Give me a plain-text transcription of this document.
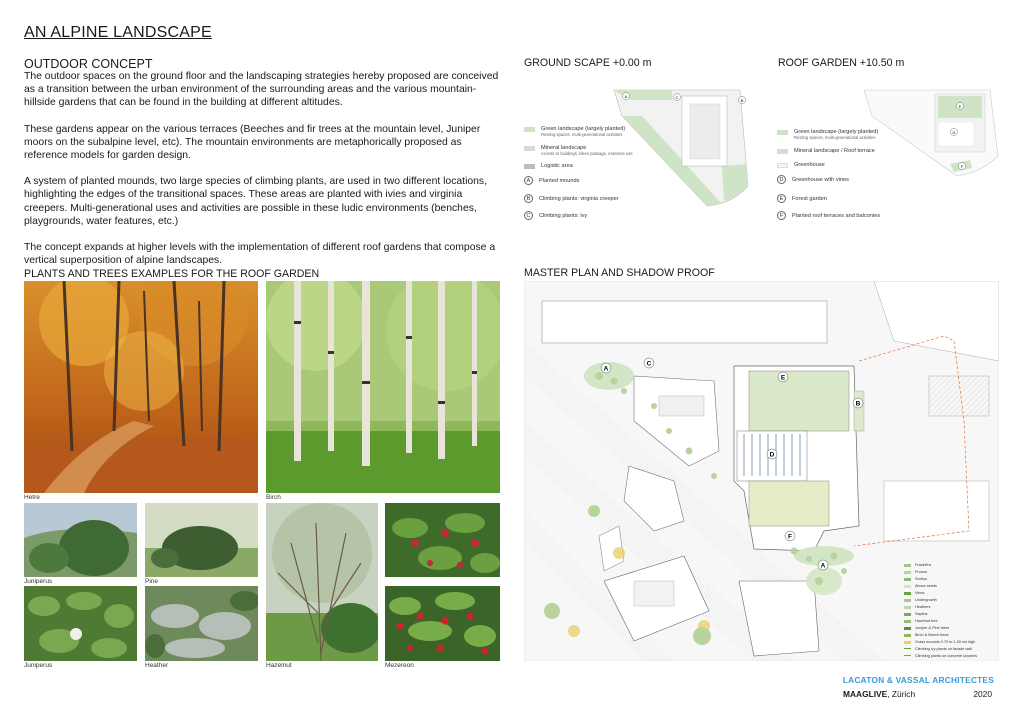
AN ALPINE LANDSCAPE
OUTDOOR CONCEPT

The outdoor spaces on the ground floor and the landscaping strategies hereby proposed are conceived as a transition between the urban environment of the surrounding areas and the various mountain-hillside gardens that can be found in the building at different altitudes.

These gardens appear on the various terraces (Beeches and fir trees at the mountain level, Juniper moors on the subalpine level, etc). The mountain environments are metaphorically proposed as reference models for garden design.

A system of planted mounds, two large species of climbing plants, are used in two different locations, highlighting the edges of the transitional spaces. These areas are planted with ivies and virginia creepers. Multi-generational uses and activities are possible in these ludic environments (benches, playgrounds, water features, etc.)

The concept expands at higher levels with the implementation of different roof gardens that compose a vertical superposition of alpine landscapes.

PLANTS AND TREES EXAMPLES FOR THE ROOF GARDEN
Hetre	Birch
Juniperus	Pine
Hazelnut
Juniperus	Heather	Mezereon
GROUND SCAPE +0.00 m
A
B
C
Green landscape (largely planted)
Resting spaces, multi-generational activities
Mineral landscape
Access to buildings, bikes passage, intensive use
Logistic area
A	Planted mounds
B	Climbing plants: virginia creeper
C	Climbing plants: ivy
ROOF GARDEN +10.50 m
E
D
F
Green landscape (largely planted)
Resting spaces, multi-generational activities
Mineral landscape / Roof terrace
Greenhouse
D	Greenhouse with vines
E	Forest garden
F	Planted roof terraces and balconies
MASTER PLAN AND SHADOW PROOF
C
A
E
B
D
F
A	Fraxinifra
Prunus
Sorbus
Above seeds
Vines
Undergrowth
Heathers
Saplins
Hazelnut tree
Juniper & Pine trees
Birch & Beech trees
Grass mounds 0.70 to 1.20 cm high
Climbing ivy plants on facade wall
Climbing plants on concrete columns
LACATON & VASSAL ARCHITECTES
MAAGLIVE, Zürich	2020
